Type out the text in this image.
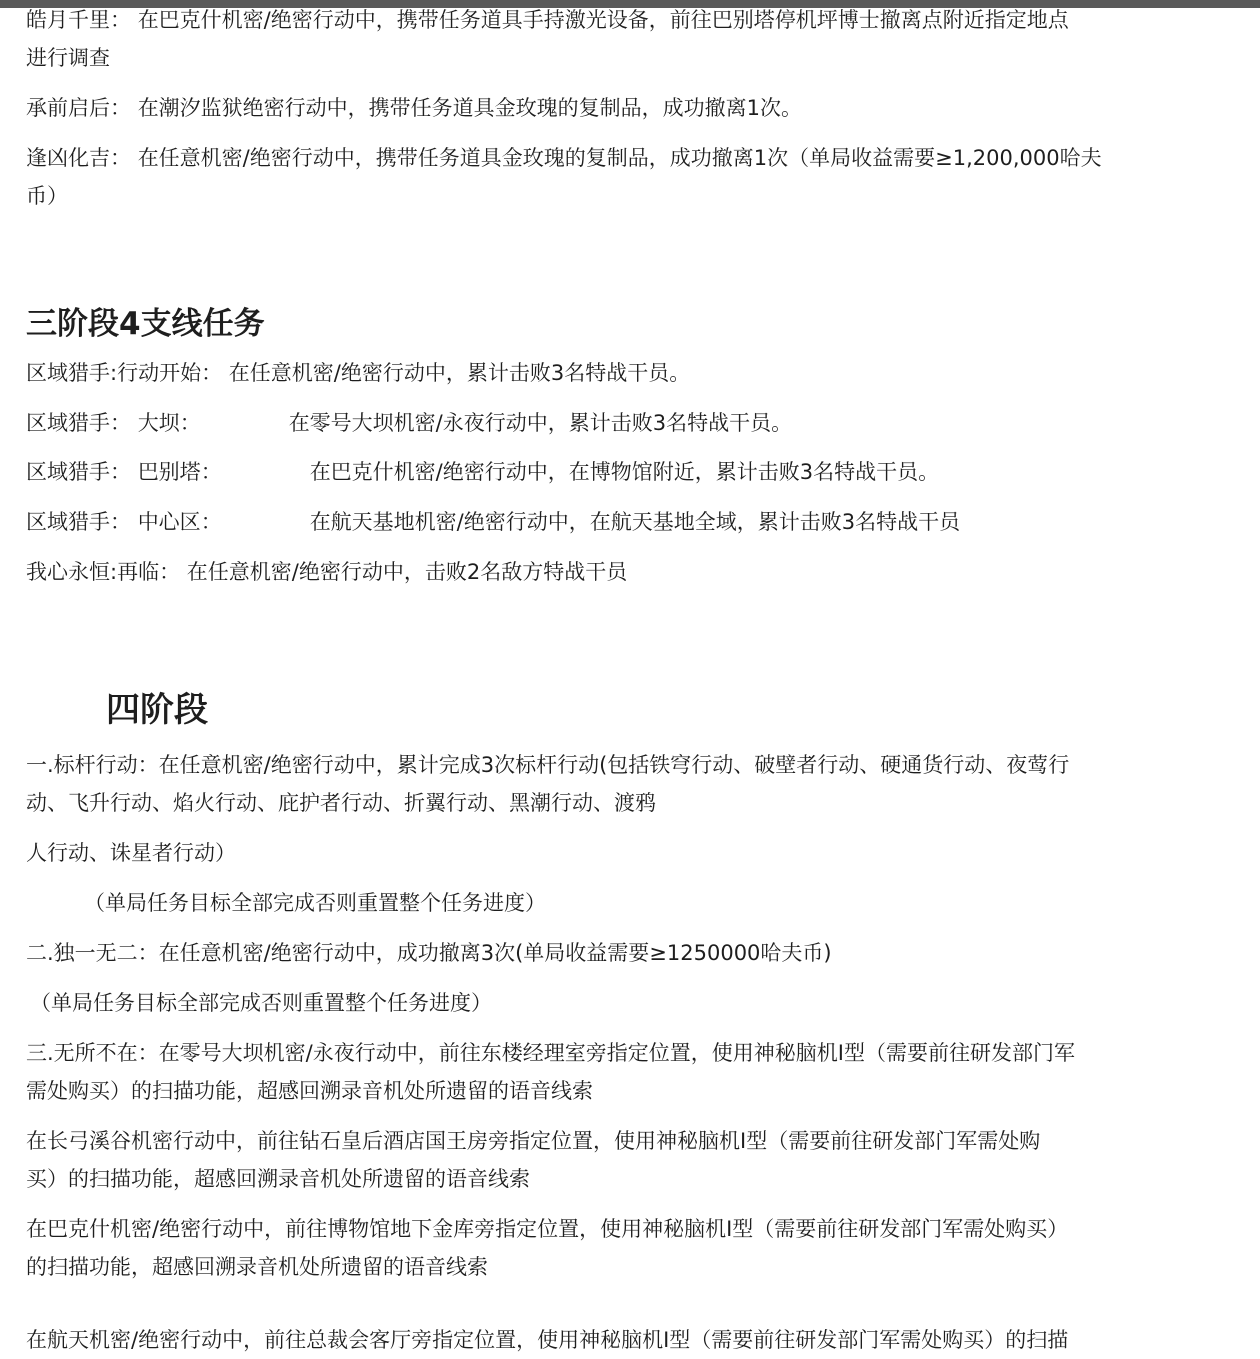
皓月千里： 在巴克什机密/绝密行动中，携带任务道具手持激光设备，前往巴别塔停机坪博士撤离点附近指定地点

进行调查

承前启后： 在潮汐监狱绝密行动中，携带任务道具金玫瑰的复制品，成功撤离1次。

逢凶化吉： 在任意机密/绝密行动中，携带任务道具金玫瑰的复制品，成功撤离1次（单局收益需要≥1,200,000哈夫

币）

三阶段4支线任务

区域猎手:行动开始： 在任意机密/绝密行动中，累计击败3名特战干员。

区域猎手： 大坝：	在零号大坝机密/永夜行动中，累计击败3名特战干员。

区域猎手： 巴别塔：	在巴克什机密/绝密行动中，在博物馆附近，累计击败3名特战干员。

区域猎手： 中心区：	在航天基地机密/绝密行动中，在航天基地全域，累计击败3名特战干员

我心永恒:再临： 在任意机密/绝密行动中，击败2名敌方特战干员

四阶段

一.标杆行动：在任意机密/绝密行动中，累计完成3次标杆行动(包括铁穹行动、破壁者行动、硬通货行动、夜莺行

动、飞升行动、焰火行动、庇护者行动、折翼行动、黑潮行动、渡鸦

人行动、诛星者行动）

（单局任务目标全部完成否则重置整个任务进度）

二.独一无二：在任意机密/绝密行动中，成功撤离3次(单局收益需要≥1250000哈夫币)

（单局任务目标全部完成否则重置整个任务进度）

三.无所不在：在零号大坝机密/永夜行动中，前往东楼经理室旁指定位置，使用神秘脑机I型（需要前往研发部门军

需处购买）的扫描功能，超感回溯录音机处所遗留的语音线索

在长弓溪谷机密行动中，前往钻石皇后酒店国王房旁指定位置，使用神秘脑机I型（需要前往研发部门军需处购

买）的扫描功能，超感回溯录音机处所遗留的语音线索

在巴克什机密/绝密行动中，前往博物馆地下金库旁指定位置，使用神秘脑机I型（需要前往研发部门军需处购买）

的扫描功能，超感回溯录音机处所遗留的语音线索

在航天机密/绝密行动中，前往总裁会客厅旁指定位置，使用神秘脑机I型（需要前往研发部门军需处购买）的扫描
